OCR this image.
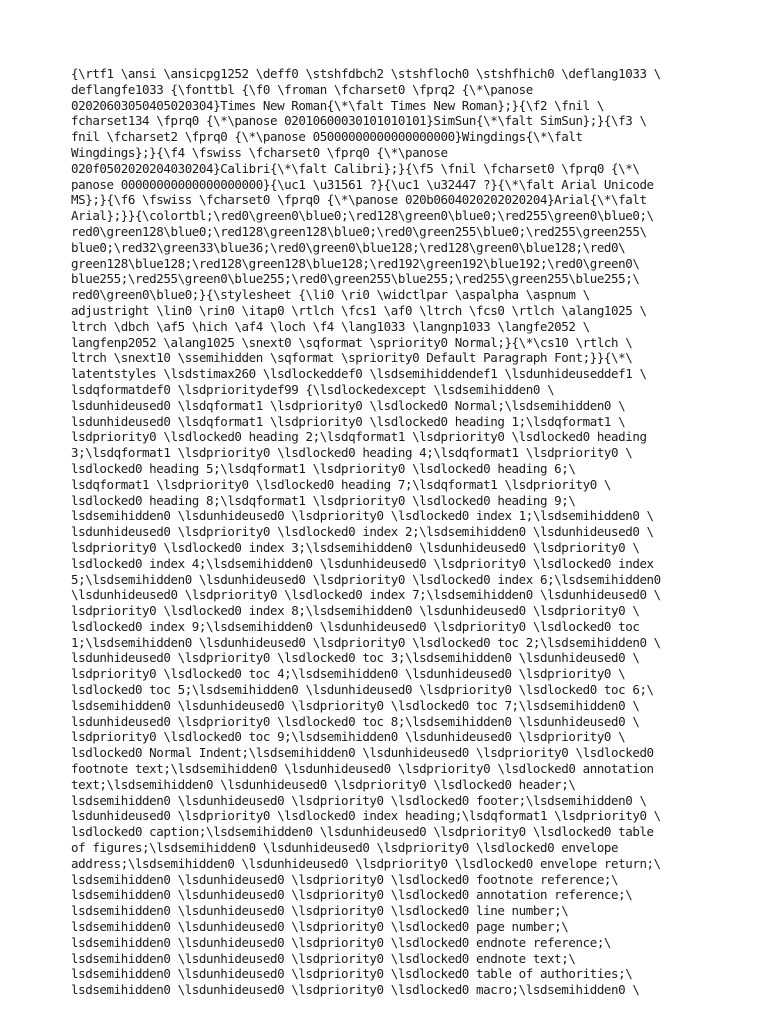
{\rtf1 \ansi \ansicpg1252 \deff0 \stshfdbch2 \stshfloch0 \stshfhich0 \deflang1033 \
deflangfe1033 {\fonttbl {\f0 \froman \fcharset0 \fprq2 {\*\panose
02020603050405020304}Times New Roman{\*\falt Times New Roman};}{\f2 \fnil \
fcharset134 \fprq0 {\*\panose 02010600030101010101}SimSun{\*\falt SimSun};}{\f3 \
fnil \fcharset2 \fprq0 {\*\panose 05000000000000000000}Wingdings{\*\falt
Wingdings};}{\f4 \fswiss \fcharset0 \fprq0 {\*\panose
020f0502020204030204}Calibri{\*\falt Calibri};}{\f5 \fnil \fcharset0 \fprq0 {\*\
panose 00000000000000000000}{\uc1 \u31561 ?}{\uc1 \u32447 ?}{\*\falt Arial Unicode
MS};}{\f6 \fswiss \fcharset0 \fprq0 {\*\panose 020b0604020202020204}Arial{\*\falt
Arial};}}{\colortbl;\red0\green0\blue0;\red128\green0\blue0;\red255\green0\blue0;\
red0\green128\blue0;\red128\green128\blue0;\red0\green255\blue0;\red255\green255\
blue0;\red32\green33\blue36;\red0\green0\blue128;\red128\green0\blue128;\red0\
green128\blue128;\red128\green128\blue128;\red192\green192\blue192;\red0\green0\
blue255;\red255\green0\blue255;\red0\green255\blue255;\red255\green255\blue255;\
red0\green0\blue0;}{\stylesheet {\li0 \ri0 \widctlpar \aspalpha \aspnum \
adjustright \lin0 \rin0 \itap0 \rtlch \fcs1 \af0 \ltrch \fcs0 \rtlch \alang1025 \
ltrch \dbch \af5 \hich \af4 \loch \f4 \lang1033 \langnp1033 \langfe2052 \
langfenp2052 \alang1025 \snext0 \sqformat \spriority0 Normal;}{\*\cs10 \rtlch \
ltrch \snext10 \ssemihidden \sqformat \spriority0 Default Paragraph Font;}}{\*\
latentstyles \lsdstimax260 \lsdlockeddef0 \lsdsemihiddendef1 \lsdunhideuseddef1 \
lsdqformatdef0 \lsdprioritydef99 {\lsdlockedexcept \lsdsemihidden0 \
lsdunhideused0 \lsdqformat1 \lsdpriority0 \lsdlocked0 Normal;\lsdsemihidden0 \
lsdunhideused0 \lsdqformat1 \lsdpriority0 \lsdlocked0 heading 1;\lsdqformat1 \
lsdpriority0 \lsdlocked0 heading 2;\lsdqformat1 \lsdpriority0 \lsdlocked0 heading
3;\lsdqformat1 \lsdpriority0 \lsdlocked0 heading 4;\lsdqformat1 \lsdpriority0 \
lsdlocked0 heading 5;\lsdqformat1 \lsdpriority0 \lsdlocked0 heading 6;\
lsdqformat1 \lsdpriority0 \lsdlocked0 heading 7;\lsdqformat1 \lsdpriority0 \
lsdlocked0 heading 8;\lsdqformat1 \lsdpriority0 \lsdlocked0 heading 9;\
lsdsemihidden0 \lsdunhideused0 \lsdpriority0 \lsdlocked0 index 1;\lsdsemihidden0 \
lsdunhideused0 \lsdpriority0 \lsdlocked0 index 2;\lsdsemihidden0 \lsdunhideused0 \
lsdpriority0 \lsdlocked0 index 3;\lsdsemihidden0 \lsdunhideused0 \lsdpriority0 \
lsdlocked0 index 4;\lsdsemihidden0 \lsdunhideused0 \lsdpriority0 \lsdlocked0 index
5;\lsdsemihidden0 \lsdunhideused0 \lsdpriority0 \lsdlocked0 index 6;\lsdsemihidden0
\lsdunhideused0 \lsdpriority0 \lsdlocked0 index 7;\lsdsemihidden0 \lsdunhideused0 \
lsdpriority0 \lsdlocked0 index 8;\lsdsemihidden0 \lsdunhideused0 \lsdpriority0 \
lsdlocked0 index 9;\lsdsemihidden0 \lsdunhideused0 \lsdpriority0 \lsdlocked0 toc
1;\lsdsemihidden0 \lsdunhideused0 \lsdpriority0 \lsdlocked0 toc 2;\lsdsemihidden0 \
lsdunhideused0 \lsdpriority0 \lsdlocked0 toc 3;\lsdsemihidden0 \lsdunhideused0 \
lsdpriority0 \lsdlocked0 toc 4;\lsdsemihidden0 \lsdunhideused0 \lsdpriority0 \
lsdlocked0 toc 5;\lsdsemihidden0 \lsdunhideused0 \lsdpriority0 \lsdlocked0 toc 6;\
lsdsemihidden0 \lsdunhideused0 \lsdpriority0 \lsdlocked0 toc 7;\lsdsemihidden0 \
lsdunhideused0 \lsdpriority0 \lsdlocked0 toc 8;\lsdsemihidden0 \lsdunhideused0 \
lsdpriority0 \lsdlocked0 toc 9;\lsdsemihidden0 \lsdunhideused0 \lsdpriority0 \
lsdlocked0 Normal Indent;\lsdsemihidden0 \lsdunhideused0 \lsdpriority0 \lsdlocked0
footnote text;\lsdsemihidden0 \lsdunhideused0 \lsdpriority0 \lsdlocked0 annotation
text;\lsdsemihidden0 \lsdunhideused0 \lsdpriority0 \lsdlocked0 header;\
lsdsemihidden0 \lsdunhideused0 \lsdpriority0 \lsdlocked0 footer;\lsdsemihidden0 \
lsdunhideused0 \lsdpriority0 \lsdlocked0 index heading;\lsdqformat1 \lsdpriority0 \
lsdlocked0 caption;\lsdsemihidden0 \lsdunhideused0 \lsdpriority0 \lsdlocked0 table
of figures;\lsdsemihidden0 \lsdunhideused0 \lsdpriority0 \lsdlocked0 envelope
address;\lsdsemihidden0 \lsdunhideused0 \lsdpriority0 \lsdlocked0 envelope return;\
lsdsemihidden0 \lsdunhideused0 \lsdpriority0 \lsdlocked0 footnote reference;\
lsdsemihidden0 \lsdunhideused0 \lsdpriority0 \lsdlocked0 annotation reference;\
lsdsemihidden0 \lsdunhideused0 \lsdpriority0 \lsdlocked0 line number;\
lsdsemihidden0 \lsdunhideused0 \lsdpriority0 \lsdlocked0 page number;\
lsdsemihidden0 \lsdunhideused0 \lsdpriority0 \lsdlocked0 endnote reference;\
lsdsemihidden0 \lsdunhideused0 \lsdpriority0 \lsdlocked0 endnote text;\
lsdsemihidden0 \lsdunhideused0 \lsdpriority0 \lsdlocked0 table of authorities;\
lsdsemihidden0 \lsdunhideused0 \lsdpriority0 \lsdlocked0 macro;\lsdsemihidden0 \
